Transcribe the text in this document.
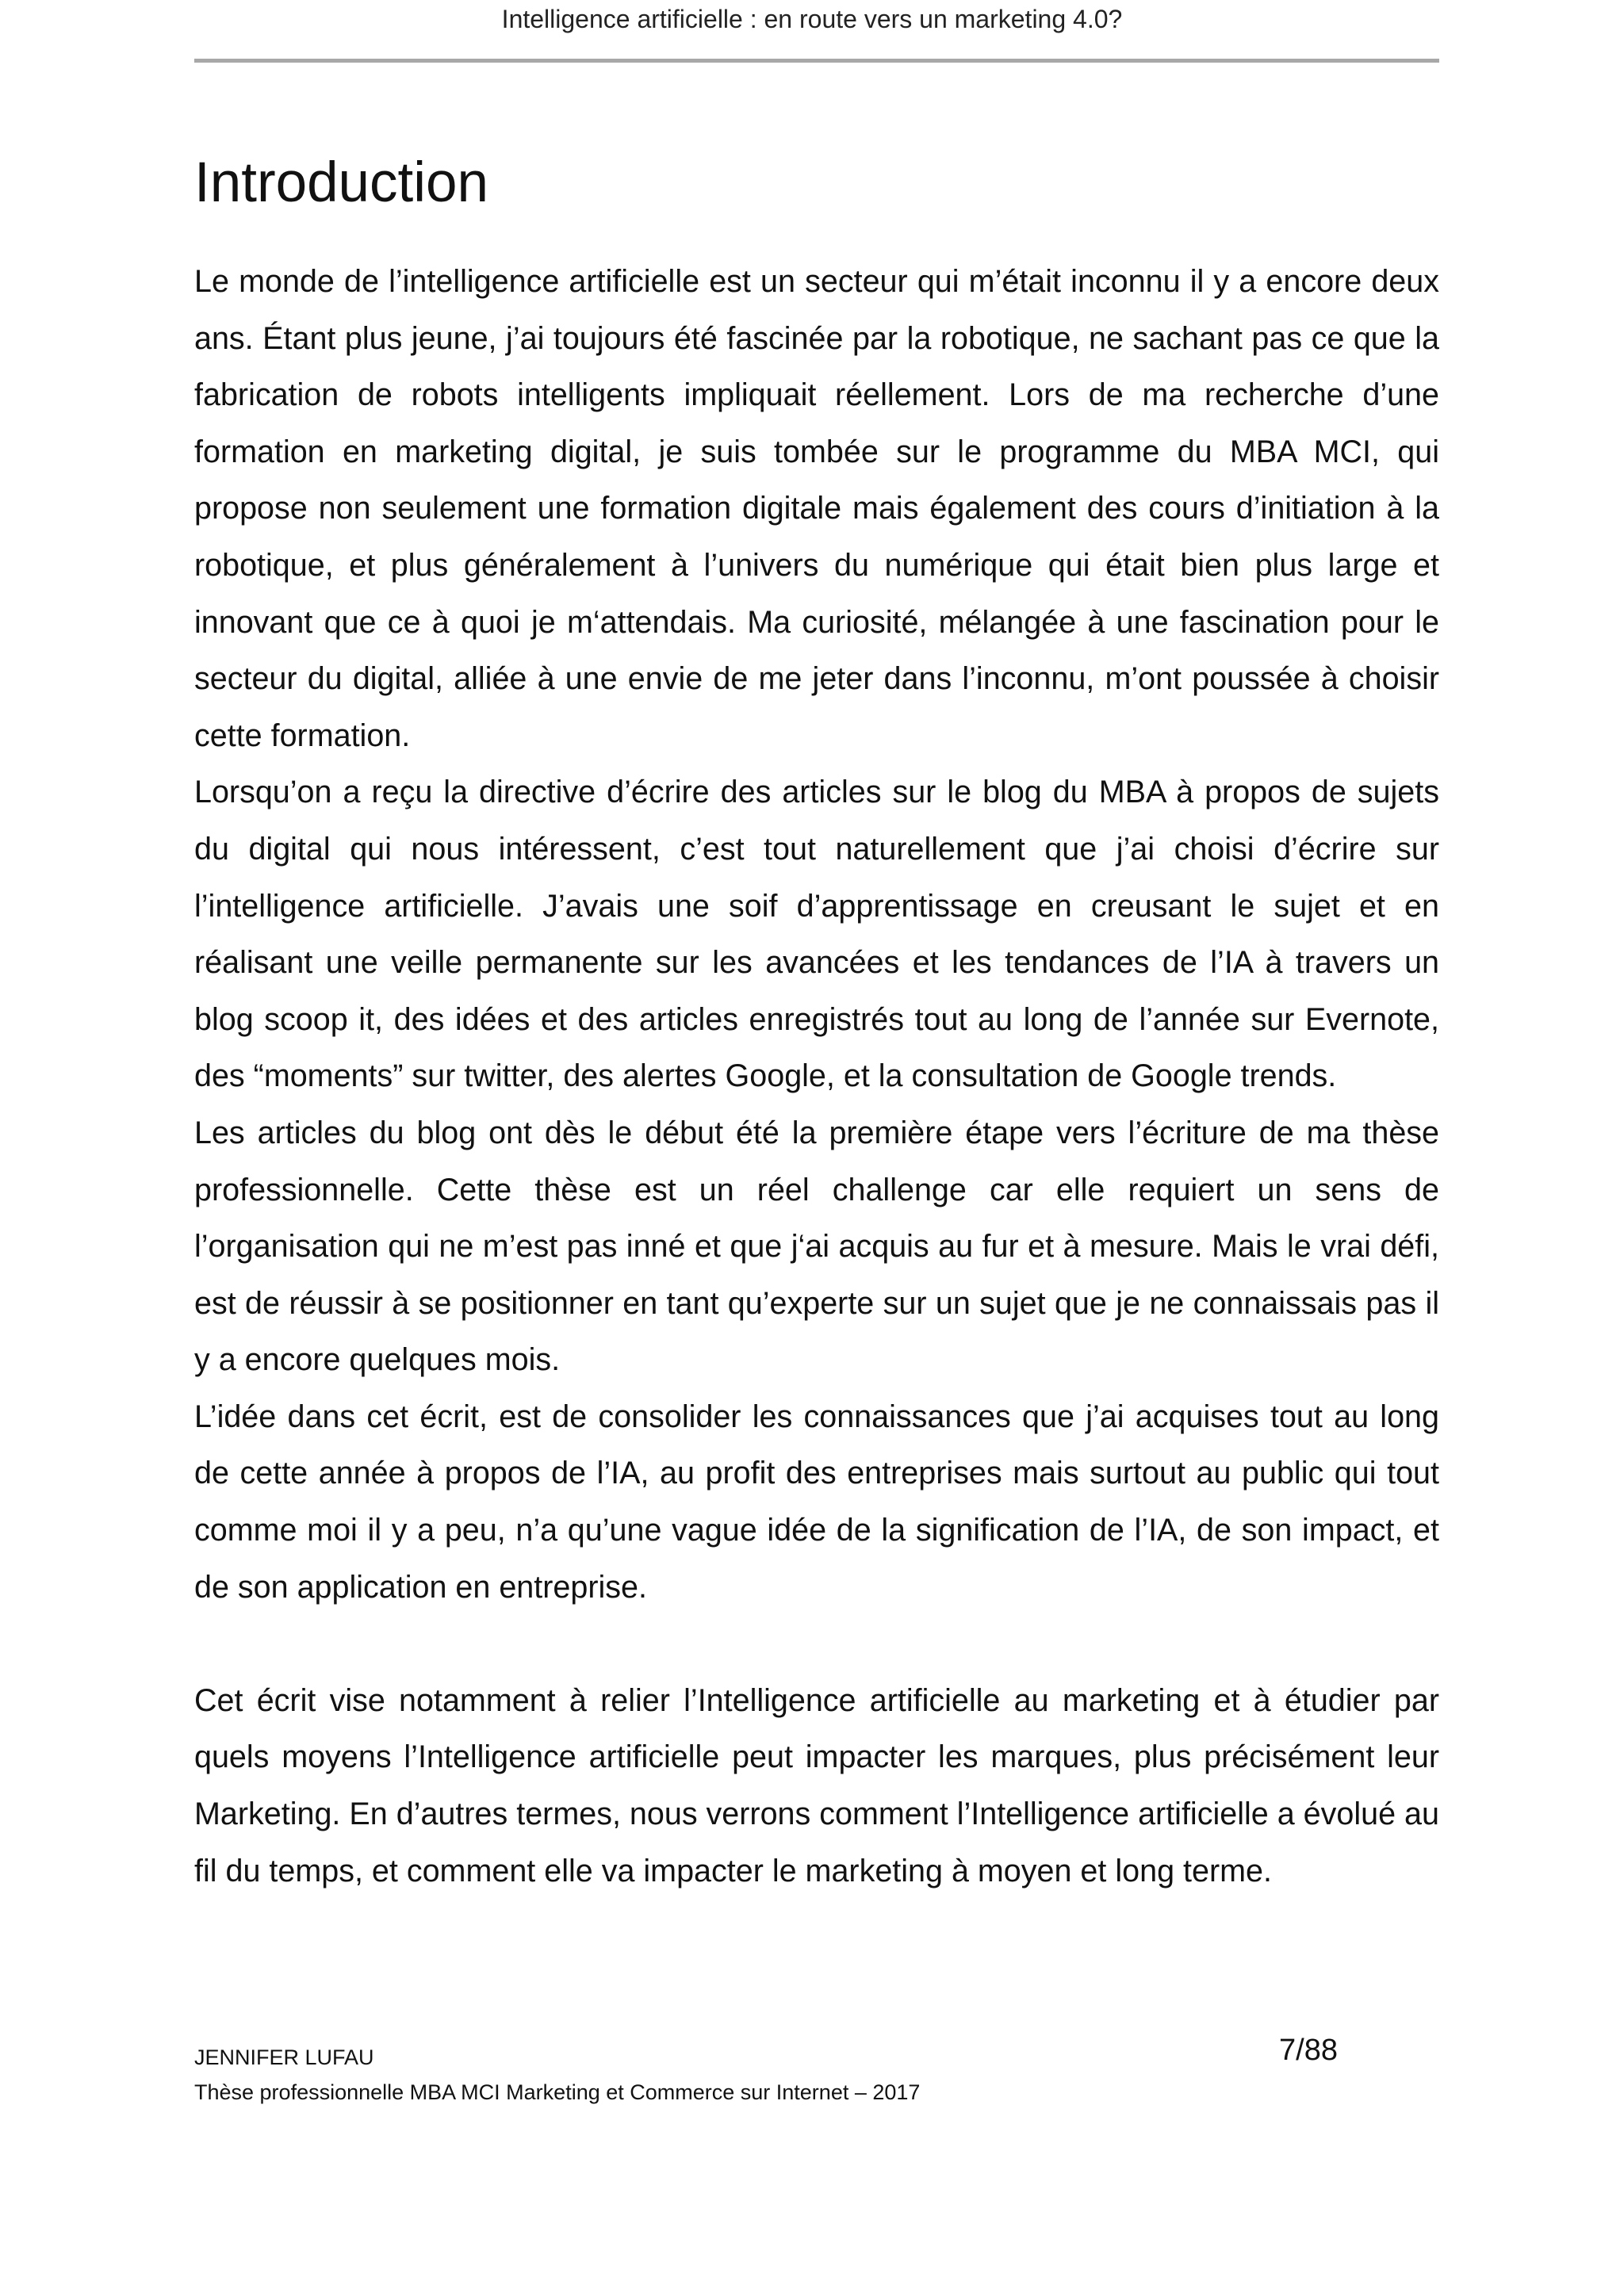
Intelligence artificielle : en route vers un marketing 4.0?
Introduction

Le monde de l’intelligence artificielle est un secteur qui m’était inconnu il y a encore deux ans. Étant plus jeune, j’ai toujours été fascinée par la robotique, ne sachant pas ce que la fabrication de robots intelligents impliquait réellement. Lors de ma recherche d’une formation en marketing digital, je suis tombée sur le programme du MBA MCI, qui propose non seulement une formation digitale mais également des cours d’initiation à la robotique, et plus généralement à l’univers du numérique qui était bien plus large et innovant que ce à quoi je m‘attendais. Ma curiosité, mélangée à une fascination pour le secteur du digital, alliée à une envie de me jeter dans l’inconnu, m’ont poussée à choisir cette formation.

Lorsqu’on a reçu la directive d’écrire des articles sur le blog du MBA à propos de sujets du digital qui nous intéressent, c’est tout naturellement que j’ai choisi d’écrire sur l’intelligence artificielle. J’avais une soif d’apprentissage en creusant le sujet et en réalisant une veille permanente sur les avancées et les tendances de l’IA à travers un blog scoop it, des idées et des articles enregistrés tout au long de l’année sur Evernote, des “moments” sur twitter, des alertes Google, et la consultation de Google trends.

Les articles du blog ont dès le début été la première étape vers l’écriture de ma thèse professionnelle. Cette thèse est un réel challenge car elle requiert un sens de l’organisation qui ne m’est pas inné et que j‘ai acquis au fur et à mesure. Mais le vrai défi, est de réussir à se positionner en tant qu’experte sur un sujet que je ne connaissais pas il y a encore quelques mois.

L’idée dans cet écrit, est de consolider les connaissances que j’ai acquises tout au long de cette année à propos de l’IA, au profit des entreprises mais surtout au public qui tout comme moi il y a peu, n’a qu’une vague idée de la signification de l’IA, de son impact, et de son application en entreprise.

Cet écrit vise notamment à relier l’Intelligence artificielle au marketing et à étudier par quels moyens l’Intelligence artificielle peut impacter les marques, plus précisément leur Marketing. En d’autres termes, nous verrons comment l’Intelligence artificielle a évolué au fil du temps, et comment elle va impacter le marketing à moyen et long terme.

JENNIFER LUFAU	7/88
Thèse professionnelle MBA MCI Marketing et Commerce sur Internet – 2017
